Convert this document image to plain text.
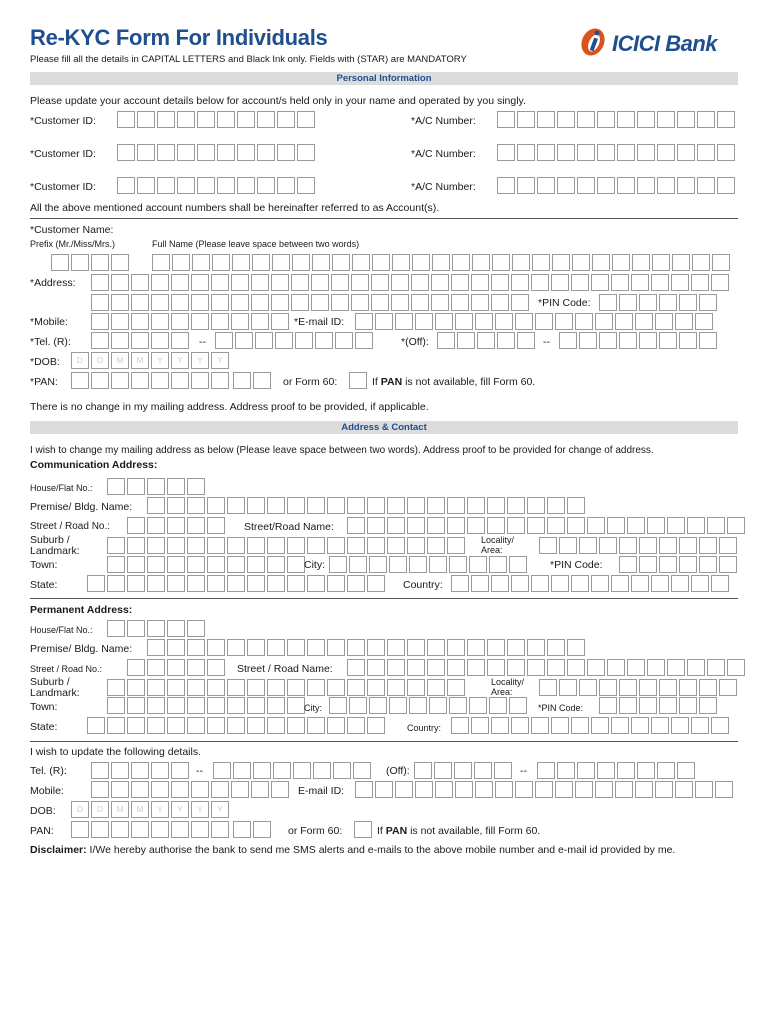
Re-KYC Form For Individuals
Please fill all the details in CAPITAL LETTERS and Black Ink only. Fields with (STAR) are MANDATORY
ICICI Bank
Personal Information
Please update your account details below for account/s held only in your name and operated by you singly.
*Customer ID:	*A/C Number:
*Customer ID:	*A/C Number:
*Customer ID:	*A/C Number:
All the above mentioned account numbers shall be hereinafter referred to as Account(s).
*Customer Name:
Prefix (Mr./Miss/Mrs.)	Full Name (Please leave space between two words)
*Address:
*PIN Code:
*Mobile:	*E-mail ID:
*Tel. (R):	--	*(Off):	--
*DOB:	D	D	M	M	Y	Y	Y	Y
*PAN:	or Form 60:	If PAN is not available, fill Form 60.
There is no change in my mailing address. Address proof to be provided, if applicable.
Address & Contact
I wish to change my mailing address as below (Please leave space between two words). Address proof to be provided for change of address.
Communication Address:
House/Flat No.:
Premise/ Bldg. Name:
Street / Road No.:	Street/Road Name:
Suburb /
Landmark:
Locality/
Area:
Town:	City:	*PIN Code:
State:	Country:
Permanent Address:
House/Flat No.:
Premise/ Bldg. Name:
Street / Road No.:	Street / Road Name:
Suburb /
Landmark:
Locality/
Area:
Town:	City:	*PIN Code:
State:	Country:
I wish to update the following details.
Tel. (R):	--	(Off):	--
Mobile:	E-mail ID:
DOB:	D	D	M	M	Y	Y	Y	Y
PAN:	or Form 60:	If PAN is not available, fill Form 60.
Disclaimer: I/We hereby authorise the bank to send me SMS alerts and e-mails to the above mobile number and e-mail id provided by me.
